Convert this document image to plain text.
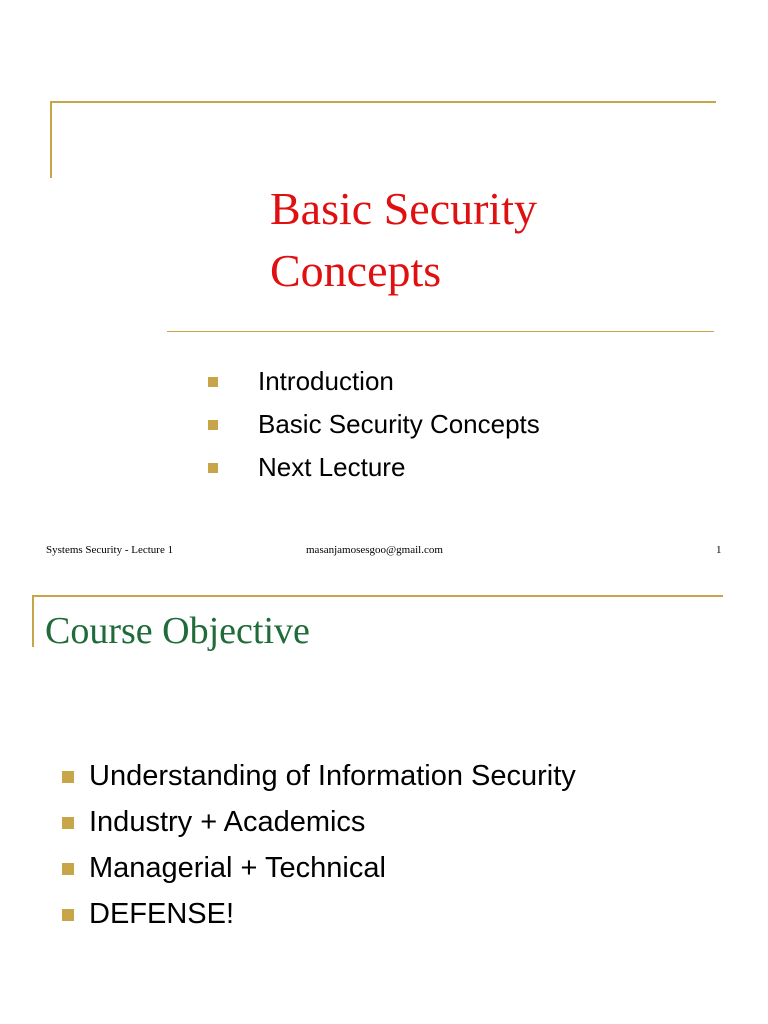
Basic Security
Concepts
Introduction
Basic Security Concepts
Next Lecture
Systems Security - Lecture 1	masanjamosesgoo@gmail.com	1
Course Objective
Understanding of Information Security
Industry + Academics
Managerial + Technical
DEFENSE!
